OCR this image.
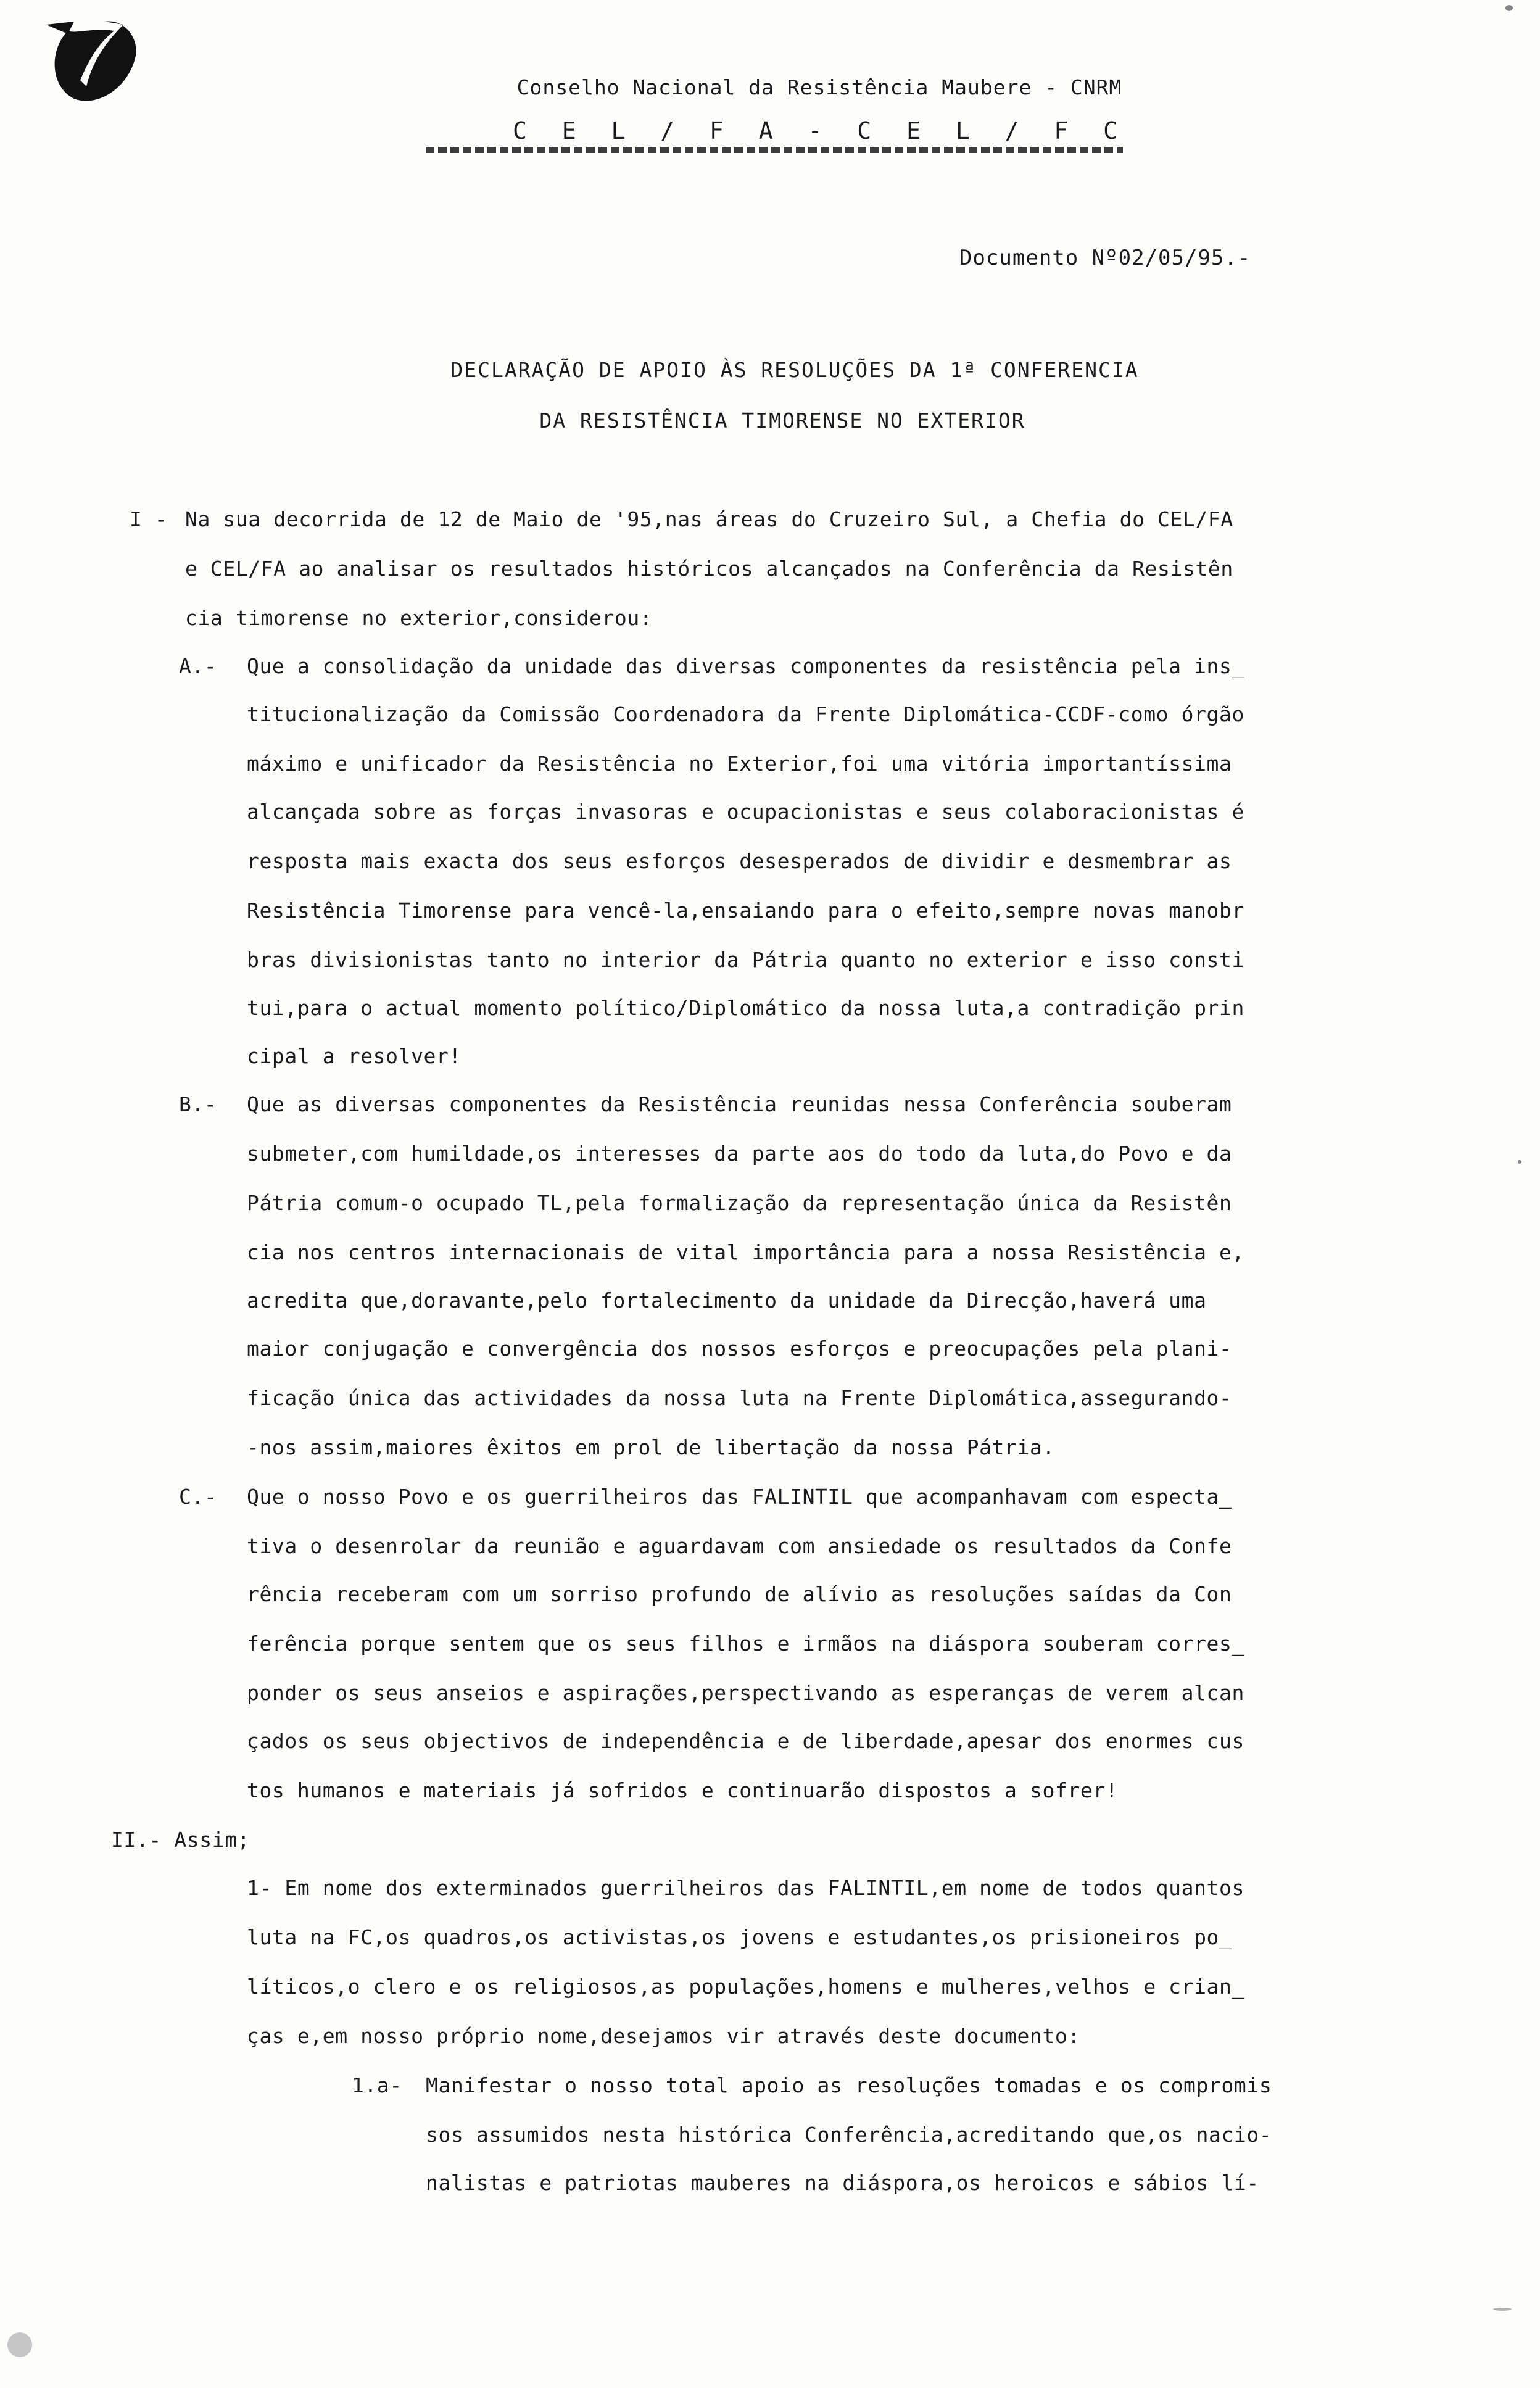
Conselho Nacional da Resistência Maubere - CNRM
C E L / F A - C E L / F C
Documento Nº02/05/95.-
DECLARAÇÃO DE APOIO ÀS RESOLUÇÕES DA 1ª CONFERENCIA
DA RESISTÊNCIA TIMORENSE NO EXTERIOR
I - Na sua decorrida de 12 de Maio de '95,nas áreas do Cruzeiro Sul, a Chefia do CEL/FA
e CEL/FA ao analisar os resultados históricos alcançados na Conferência da Resistên
cia timorense no exterior,considerou:
A.- Que a consolidação da unidade das diversas componentes da resistência pela ins_
titucionalização da Comissão Coordenadora da Frente Diplomática-CCDF-como órgão
máximo e unificador da Resistência no Exterior,foi uma vitória importantíssima
alcançada sobre as forças invasoras e ocupacionistas e seus colaboracionistas é
resposta mais exacta dos seus esforços desesperados de dividir e desmembrar as
Resistência Timorense para vencê-la,ensaiando para o efeito,sempre novas manobr
bras divisionistas tanto no interior da Pátria quanto no exterior e isso consti
tui,para o actual momento político/Diplomático da nossa luta,a contradição prin
cipal a resolver!
B.- Que as diversas componentes da Resistência reunidas nessa Conferência souberam
submeter,com humildade,os interesses da parte aos do todo da luta,do Povo e da
Pátria comum-o ocupado TL,pela formalização da representação única da Resistên
cia nos centros internacionais de vital importância para a nossa Resistência e,
acredita que,doravante,pelo fortalecimento da unidade da Direcção,haverá uma
maior conjugação e convergência dos nossos esforços e preocupações pela plani-
ficação única das actividades da nossa luta na Frente Diplomática,assegurando-
-nos assim,maiores êxitos em prol de libertação da nossa Pátria.
C.- Que o nosso Povo e os guerrilheiros das FALINTIL que acompanhavam com especta_
tiva o desenrolar da reunião e aguardavam com ansiedade os resultados da Confe
rência receberam com um sorriso profundo de alívio as resoluções saídas da Con
ferência porque sentem que os seus filhos e irmãos na diáspora souberam corres_
ponder os seus anseios e aspirações,perspectivando as esperanças de verem alcan
çados os seus objectivos de independência e de liberdade,apesar dos enormes cus
tos humanos e materiais já sofridos e continuarão dispostos a sofrer!
II.- Assim;
1- Em nome dos exterminados guerrilheiros das FALINTIL,em nome de todos quantos
luta na FC,os quadros,os activistas,os jovens e estudantes,os prisioneiros po_
líticos,o clero e os religiosos,as populações,homens e mulheres,velhos e crian_
ças e,em nosso próprio nome,desejamos vir através deste documento:
1.a- Manifestar o nosso total apoio as resoluções tomadas e os compromis
sos assumidos nesta histórica Conferência,acreditando que,os nacio-
nalistas e patriotas mauberes na diáspora,os heroicos e sábios lí-
